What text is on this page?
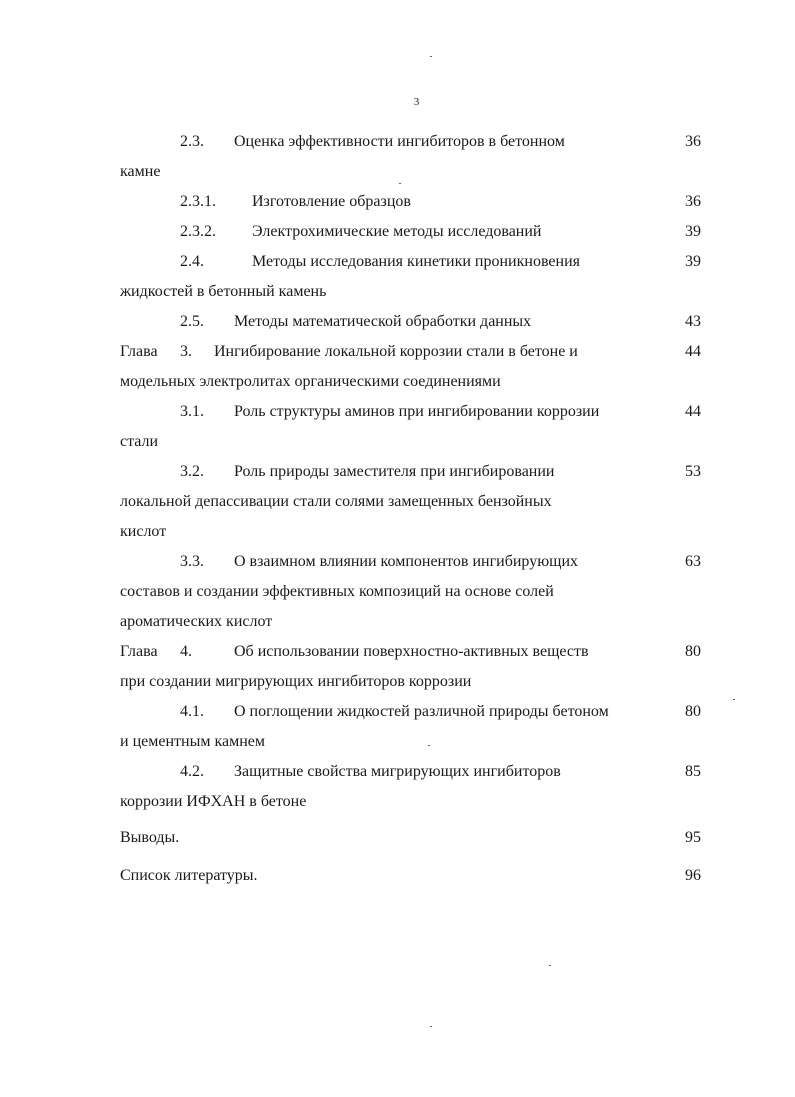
3
2.3. Оценка эффективности ингибиторов в бетонном	36
камне
2.3.1. Изготовление образцов	36
2.3.2. Электрохимические методы исследований	39
2.4.	Методы исследования кинетики проникновения	39
жидкостей в бетонный камень
2.5. Методы математической обработки данных	43
Глава 3. Ингибирование локальной коррозии стали в бетоне и	44
модельных электролитах органическими соединениями
3.1. Роль структуры аминов при ингибировании коррозии	44
стали
3.2. Роль природы заместителя при ингибировании	53
локальной депассивации стали солями замещенных бензойных
кислот
3.3. О взаимном влиянии компонентов ингибирующих	63
составов и создании эффективных композиций на основе солей
ароматических кислот
Глава 4.	Об использовании поверхностно-активных веществ	80
при создании мигрирующих ингибиторов коррозии
4.1. О поглощении жидкостей различной природы бетоном	80
и цементным камнем
4.2. Защитные свойства мигрирующих ингибиторов	85
коррозии ИФХАН в бетоне
Выводы.	95
Список литературы.	96
